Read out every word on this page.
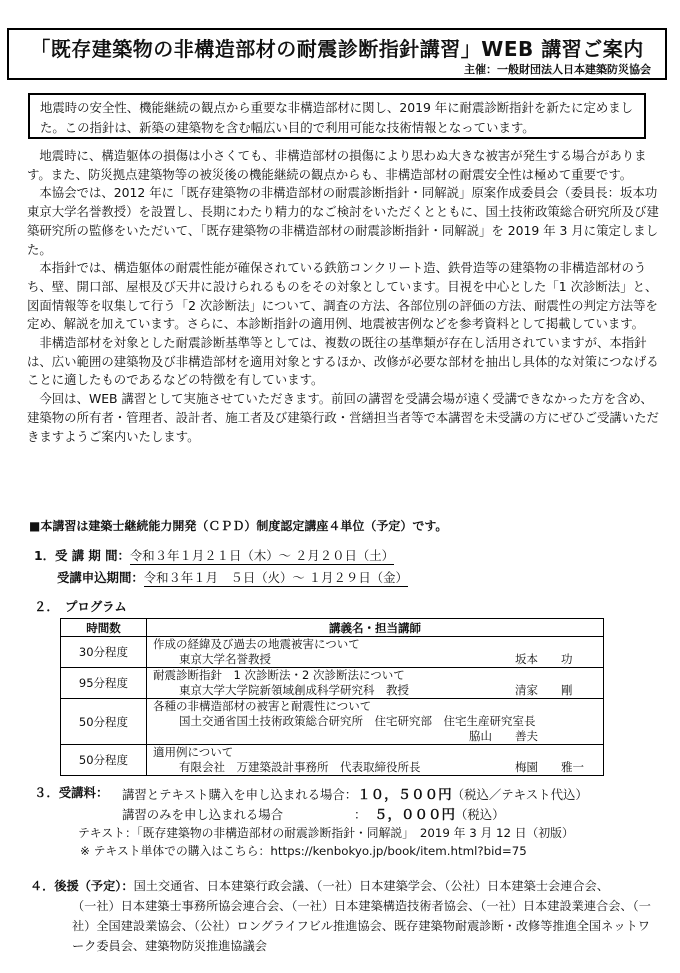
「既存建築物の非構造部材の耐震診断指針講習」WEB 講習ご案内
主催：一般財団法人日本建築防災協会
地震時の安全性、機能継続の観点から重要な非構造部材に関し、2019 年に耐震診断指針を新たに定めました。この指針は、新築の建築物を含む幅広い目的で利用可能な技術情報となっています。

地震時に、構造躯体の損傷は小さくても、非構造部材の損傷により思わぬ大きな被害が発生する場合があります。また、防災拠点建築物等の被災後の機能継続の観点からも、非構造部材の耐震安全性は極めて重要です。

本協会では、2012 年に「既存建築物の非構造部材の耐震診断指針・同解説」原案作成委員会（委員長：坂本功　東京大学名誉教授）を設置し、長期にわたり精力的なご検討をいただくとともに、国土技術政策総合研究所及び建築研究所の監修をいただいて、「既存建築物の非構造部材の耐震診断指針・同解説」を 2019 年 3 月に策定しました。

本指針では、構造躯体の耐震性能が確保されている鉄筋コンクリート造、鉄骨造等の建築物の非構造部材のうち、壁、開口部、屋根及び天井に設けられるものをその対象としています。目視を中心とした「1 次診断法」と、図面情報等を収集して行う「2 次診断法」について、調査の方法、各部位別の評価の方法、耐震性の判定方法等を定め、解説を加えています。さらに、本診断指針の適用例、地震被害例などを参考資料として掲載しています。

非構造部材を対象とした耐震診断基準等としては、複数の既往の基準類が存在し活用されていますが、本指針は、広い範囲の建築物及び非構造部材を適用対象とするほか、改修が必要な部材を抽出し具体的な対策につなげることに適したものであるなどの特徴を有しています。

今回は、WEB 講習として実施させていただきます。前回の講習を受講会場が遠く受講できなかった方を含め、建築物の所有者・管理者、設計者、施工者及び建築行政・営繕担当者等で本講習を未受講の方にぜひご受講いただきますようご案内いたします。

■本講習は建築士継続能力開発（ＣＰＤ）制度認定講座４単位（予定）です。
1．受 講 期 間：令和３年１月２１日（木）～ ２月２０日（土）
受講申込期間：令和３年１月　５日（火）～ １月２９日（金）
２．　プログラム
時間数	講義名・担当講師
30分程度	作成の経緯及び過去の地震被害について
東京大学名誉教授 坂本　　功

95分程度	耐震診断指針　1 次診断法・2 次診断法について
東京大学大学院新領域創成科学研究科　教授 清家　　剛

50分程度	各種の非構造部材の被害と耐震性について
国土交通省国土技術政策総合研究所　住宅研究部　住宅生産研究室長
脇山　　善夫

50分程度	適用例について
有限会社　万建築設計事務所　代表取締役所長 梅園　　雅一
３．受講料： 講習とテキスト購入を申し込まれる場合：１０，５００円（税込／テキスト代込）
講習のみを申し込まれる場合	： ５，０００円（税込）
テキスト：「既存建築物の非構造部材の耐震診断指針・同解説」　2019 年 3 月 12 日（初版）
※ テキスト単体での購入はこちら：https://kenbokyo.jp/book/item.html?bid=75
４．後援（予定）：国土交通省、日本建築行政会議、（一社）日本建築学会、（公社）日本建築士会連合会、
（一社）日本建築士事務所協会連合会、（一社）日本建築構造技術者協会、（一社）日本建設業連合会、（一社）全国建設業協会、（公社）ロングライフビル推進協会、既存建築物耐震診断・改修等推進全国ネットワーク委員会、建築物防災推進協議会
